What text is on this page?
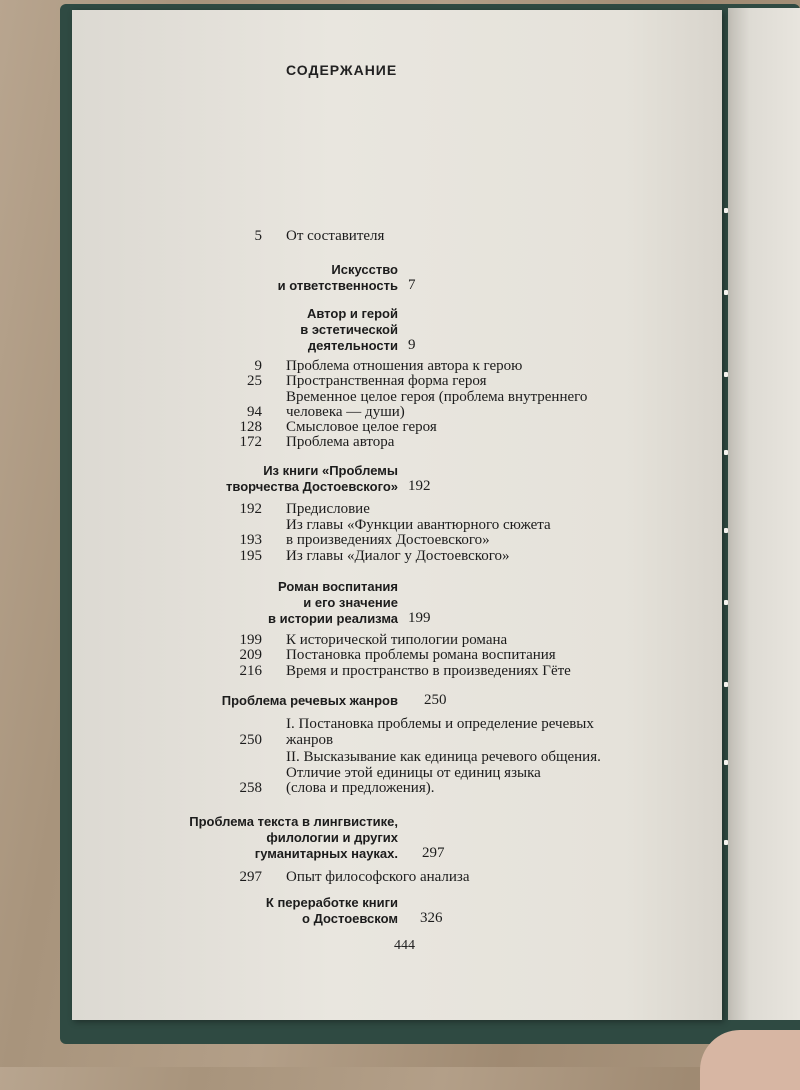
СОДЕРЖАНИЕ
5 От составителя
Искусство
и ответственность 7
Автор и герой
в эстетической
деятельности 9
9 Проблема отношения автора к герою
25 Пространственная форма героя
Временное целое героя (проблема внутреннего
94 человека — души)
128 Смысловое целое героя
172 Проблема автора
Из книги «Проблемы
творчества Достоевского» 192
192 Предисловие
Из главы «Функции авантюрного сюжета
193 в произведениях Достоевского»
195 Из главы «Диалог у Достоевского»
Роман воспитания
и его значение
в истории реализма 199
199 К исторической типологии романа
209 Постановка проблемы романа воспитания
216 Время и пространство в произведениях Гёте
Проблема речевых жанров 250
I. Постановка проблемы и определение речевых
250 жанров
II. Высказывание как единица речевого общения.
Отличие этой единицы от единиц языка
258 (слова и предложения).
Проблема текста в лингвистике,
филологии и других
гуманитарных науках. 297
297 Опыт философского анализа
К переработке книги
о Достоевском 326
444
